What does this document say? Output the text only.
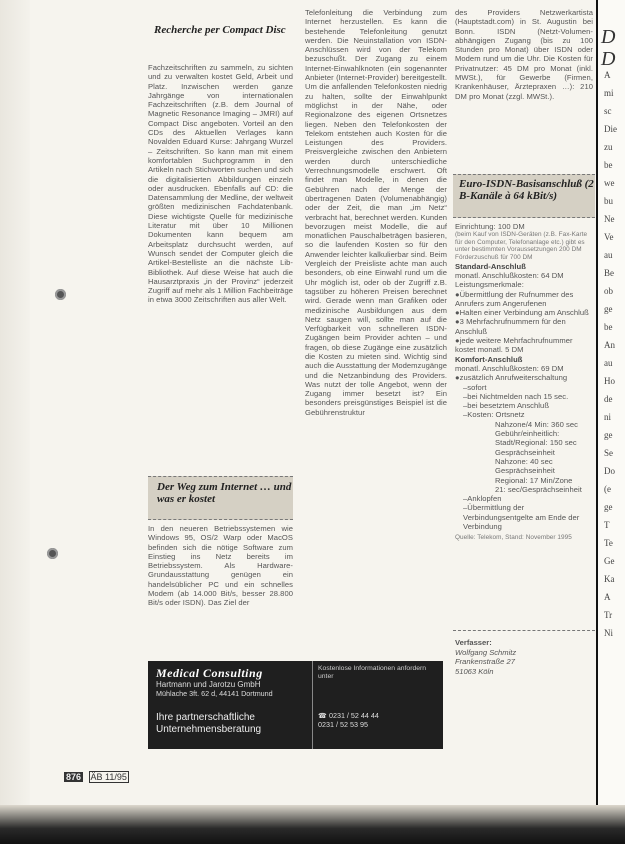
Recherche per Compact Disc

Fachzeitschriften zu sammeln, zu sichten und zu verwalten kostet Geld, Arbeit und Platz. Inzwischen werden ganze Jahrgänge von internationalen Fachzeitschriften (z.B. dem Journal of Magnetic Resonance Imaging – JMRI) auf Compact Disc angeboten. Vorteil an den CDs des Aktuellen Verlages kann Novalden Eduard Kurse: Jahrgang Wurzel – Zeitschriften. So kann man mit einem komfortablen Suchprogramm in den Artikeln nach Stichworten suchen und sich die digitalisierten Abbildungen einzeln oder ausdrucken. Ebenfalls auf CD: die Datensammlung der Medline, der weltweit größten medizinischen Fachdatenbank. Diese wichtigste Quelle für medizinische Literatur mit über 10 Millionen Dokumenten kann bequem am Arbeitsplatz durchsucht werden, auf Wunsch sendet der Computer gleich die Artikel-Bestelliste an die nächste Lib-Bibliothek. Auf diese Weise hat auch die Hausarztpraxis „in der Provinz“ jederzeit Zugriff auf mehr als 1 Million Fachbeiträge in etwa 3000 Zeitschriften aus aller Welt.

Der Weg zum Internet … und was er kostet

In den neueren Betriebssystemen wie Windows 95, OS/2 Warp oder MacOS befinden sich die nötige Software zum Einstieg ins Netz bereits im Betriebssystem. Als Hardware-Grundausstattung genügen ein handelsüblicher PC und ein schnelles Modem (ab 14.000 Bit/s, besser 28.800 Bit/s oder ISDN). Das Ziel der

Telefonleitung die Verbindung zum Internet herzustellen. Es kann die bestehende Telefonleitung genutzt werden. Die Neuinstallation von ISDN-Anschlüssen wird von der Telekom bezuschußt. Der Zugang zu einem Internet-Einwahlknoten (ein sogenannter Anbieter (Internet-Provider) bereitgestellt. Um die anfallenden Telefonkosten niedrig zu halten, sollte der Einwahlpunkt möglichst in der Nähe, oder Regionalzone des eigenen Ortsnetzes liegen. Neben den Telefonkosten der Telekom entstehen auch Kosten für die Leistungen des Providers. Preisvergleiche zwischen den Anbietern werden durch unterschiedliche Verrechnungsmodelle erschwert. Oft findet man Modelle, in denen die Gebühren nach der Menge der übertragenen Daten (Volumenabhängig) oder der Zeit, die man „im Netz“ verbracht hat, berechnet werden. Kunden bevorzugen meist Modelle, die auf monatlichen Pauschalbeträgen basieren, so die laufenden Kosten so für den Anwender leichter kalkulierbar sind. Beim Vergleich der Preisliste achte man auch besonders, ob eine Einwahl rund um die Uhr möglich ist, oder ob der Zugriff z.B. tagsüber zu höheren Preisen berechnet wird. Gerade wenn man Grafiken oder medizinische Ausbildungen aus dem Netz saugen will, sollte man auf die Verfügbarkeit von schnelleren ISDN-Zugängen beim Provider achten – und fragen, ob diese Zugänge eine zusätzlich die Kosten zu mieten sind. Wichtig sind auch die Ausstattung der Modemzugänge und die Netzanbindung des Providers. Was nutzt der tolle Angebot, wenn der Zugang immer besetzt ist? Ein besonders preisgünstiges Beispiel ist die Gebührenstruktur

des Providers Netzwerkartista (Hauptstadt.com) in St. Augustin bei Bonn. ISDN (Netzt-Volumen-abhängigen Zugang (bis zu 100 Stunden pro Monat) über ISDN oder Modem rund um die Uhr. Die Kosten für Privatnutzer: 45 DM pro Monat (inkl. MWSt.), für Gewerbe (Firmen, Krankenhäuser, Ärztepraxen …): 210 DM pro Monat (zzgl. MWSt.).

Euro-ISDN-Basisanschluß (2 B-Kanäle à 64 kBit/s)
Einrichtung: 100 DM
(beim Kauf von ISDN-Geräten (z.B. Fax-Karte für den Computer, Telefonanlage etc.) gibt es unter bestimmten Voraussetzungen 200 DM Förderzuschuß für 700 DM
Standard-Anschluß
monatl. Anschlußkosten: 64 DM
Leistungsmerkmale:
● Übermittlung der Rufnummer des Anrufers zum Angerufenen
● Halten einer Verbindung am Anschluß
● 3 Mehrfachrufnummern für den Anschluß
● jede weitere Mehrfachrufnummer kostet monatl. 5 DM
Komfort-Anschluß
monatl. Anschlußkosten: 69 DM
● zusätzlich Anrufweiterschaltung
– sofort
– bei Nichtmelden nach 15 sec.
– bei besetztem Anschluß
– Kosten: Ortsnetz
Nahzone/4 Min: 360 sec
Gebühr/einheitlich:
Stadt/Regional: 150 sec
Gesprächseinheit
Nahzone: 40 sec
Gesprächseinheit
Regional: 17 Min/Zone
21: sec/Gesprächseinheit
– Anklopfen
– Übermittlung der Verbindungsentgelte am Ende der Verbindung
Quelle: Telekom, Stand: November 1995
Verfasser:
Wolfgang Schmitz
Frankenstraße 27
51063 Köln
Medical Consulting
Hartmann und Jarotzu GmbH
Mühlache 3ft. 62 d, 44141 Dortmund
Ihre partnerschaftliche
Unternehmensberatung
Kostenlose Informationen anfordern unter
☎ 0231 / 52 44 44
0231 / 52 53 95
876 ÄB 11/95
D
D
A
mi
sc
Die
zu
be
we
bu
Ne
Ve
au
Be
ob
ge
be
An
au
Ho
de
ni
ge
Se
Do
(e
ge
T
Te
Ge
Ka
A
Tr
Ni
